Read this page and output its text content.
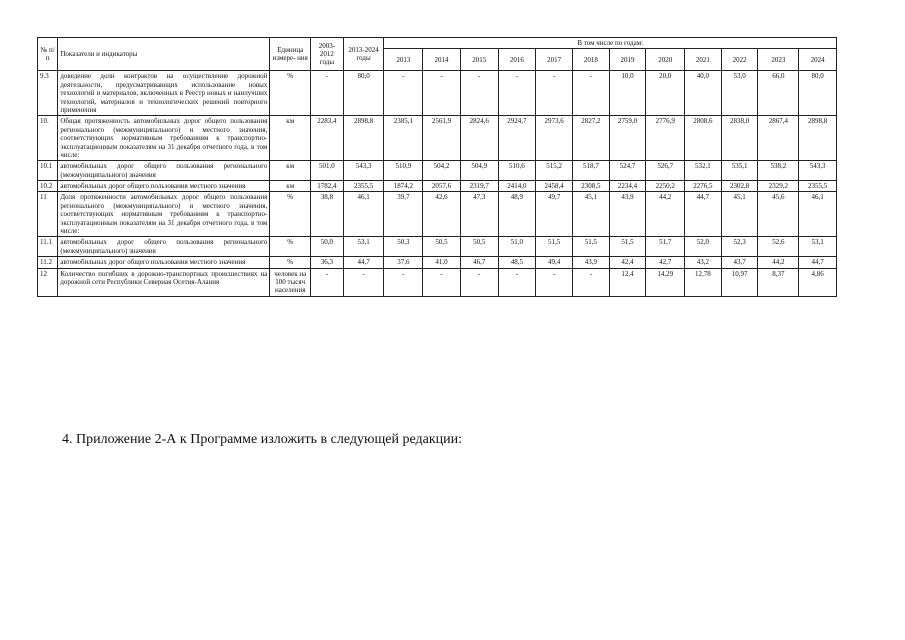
№ п/п	Показатели и индикаторы	Единица измере- ния	2003- 2012 годы	2013-2024 годы	В том числе по годам:											
					2013	2014	2015	2016	2017	2018	2019	2020	2021	2022	2023	2024
9.3	доведение доли контрактов на осуществление дорожной деятельности, предусматривающих использование новых технологий и материалов, включенных в Реестр новых и наилучших технологий, материалов и технологических решений повторного применения	%	-	80,0	-	-	-	-	-	-	10,0	20,0	40,0	53,0	66,0	80,0
10.	Общая протяженность автомобильных дорог общего пользования регионального (межмуниципального) и местного значения, соответствующих нормативным требованиям к транспортно-эксплуатационным показателям на 31 декабря отчетного года, в том числе:	км	2283,4	2898,8	2385,1	2561,9	2824,6	2924,7	2973,6	2827,2	2759,0	2776,9	2808,6	2838,0	2867,4	2898,8
10.1	автомобильных дорог общего пользования регионального (межмуниципального) значения	км	501,0	543,3	510,9	504,2	504,9	510,6	515,2	518,7	524,7	526,7	532,1	535,1	538,2	543,3
10.2	автомобильных дорог общего пользования местного значения	км	1782,4	2355,5	1874,2	2057,6	2319,7	2414,0	2458,4	2308,5	2234,4	2250,2	2276,5	2302,8	2329,2	2355,5
11	Доля протяженности автомобильных дорог общего пользования регионального (межмуниципального) и местного значения, соответствующих нормативным требованиям к транспортно-эксплуатационным показателям на 31 декабря отчетного года, в том числе:	%	38,8	46,1	39,7	42,6	47,3	48,9	49,7	45,1	43,9	44,2	44,7	45,1	45,6	46,1
11.1	автомобильных дорог общего пользования регионального (межмуниципального) значения	%	50,0	53,1	50,3	50,5	50,5	51,0	51,5	51,5	51,5	51,7	52,0	52,3	52,6	53,1
11.2	автомобильных дорог общего пользования местного значения	%	36,3	44,7	37,6	41,0	46,7	48,5	49,4	43,9	42,4	42,7	43,2	43,7	44,2	44,7
12	Количество погибших в дорожно-транспортных происшествиях на дорожной сети Республики Северная Осетия-Алания	человек на 100 тысяч населения	-	-	-	-	-	-	-	-	12,4	14,29	12,78	10,97	8,37	4,86

4. Приложение 2-А к Программе изложить в следующей редакции:
